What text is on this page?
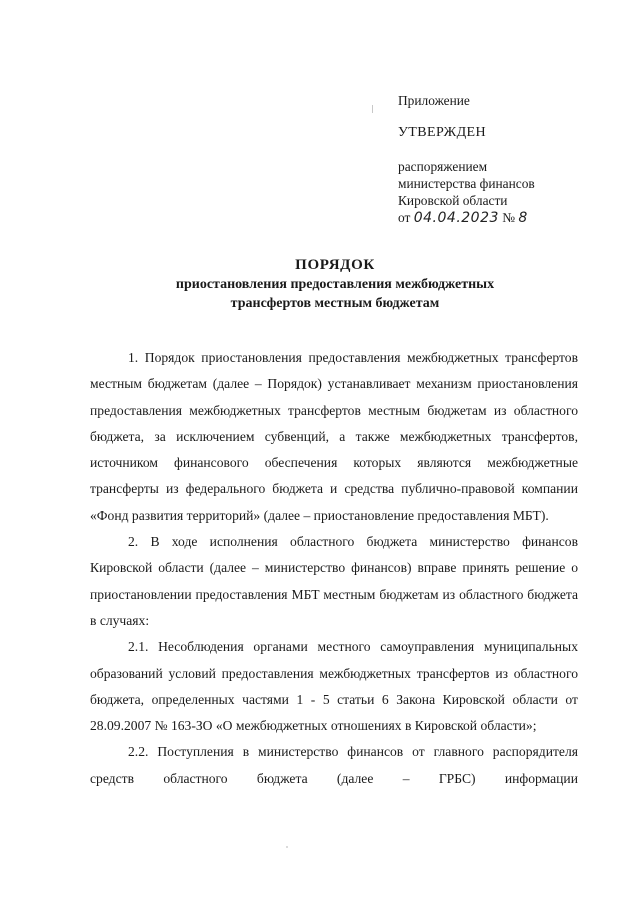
Приложение
УТВЕРЖДЕН
распоряжением
министерства финансов
Кировской области
от 04.04.2023 № 8
ПОРЯДОК
приостановления предоставления межбюджетных
трансфертов местным бюджетам

1. Порядок приостановления предоставления межбюджетных трансфертов местным бюджетам (далее – Порядок) устанавливает механизм приостановления предоставления межбюджетных трансфертов местным бюджетам из областного бюджета, за исключением субвенций, а также межбюджетных трансфертов, источником финансового обеспечения которых являются межбюджетные трансферты из федерального бюджета и средства публично-правовой компании «Фонд развития территорий» (далее – приостановление предоставления МБТ).

2. В ходе исполнения областного бюджета министерство финансов Кировской области (далее – министерство финансов) вправе принять решение о приостановлении предоставления МБТ местным бюджетам из областного бюджета в случаях:

2.1. Несоблюдения органами местного самоуправления муниципальных образований условий предоставления межбюджетных трансфертов из областного бюджета, определенных частями 1 - 5 статьи 6 Закона Кировской области от 28.09.2007 № 163-ЗО «О межбюджетных отношениях в Кировской области»;

2.2. Поступления в министерство финансов от главного распорядителя средств областного бюджета (далее – ГРБС) информации
